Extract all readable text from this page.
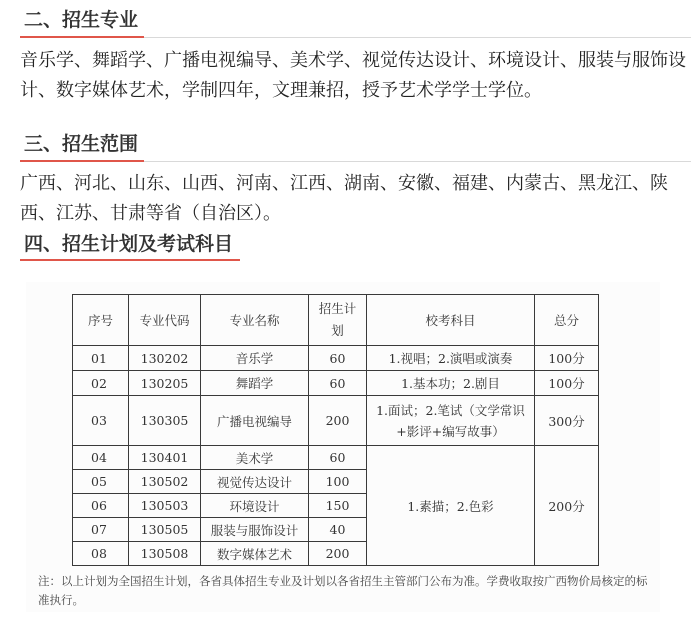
二、招生专业
音乐学、舞蹈学、广播电视编导、美术学、视觉传达设计、环境设计、服装与服饰设计、数字媒体艺术，学制四年，文理兼招，授予艺术学学士学位。
三、招生范围
广西、河北、山东、山西、河南、江西、湖南、安徽、福建、内蒙古、黑龙江、陕西、江苏、甘肃等省（自治区）。
四、招生计划及考试科目
序号	专业代码	专业名称	招生计划	校考科目	总分
01	130202	音乐学	60	1.视唱；2.演唱或演奏	100分
02	130205	舞蹈学	60	1.基本功；2.剧目	100分
03	130305	广播电视编导	200	1.面试；2.笔试（文学常识+影评+编写故事）	300分
04	130401	美术学	60	1.素描；2.色彩	200分
05	130502	视觉传达设计	100		
06	130503	环境设计	150		
07	130505	服装与服饰设计	40		
08	130508	数字媒体艺术	200		
注：以上计划为全国招生计划，各省具体招生专业及计划以各省招生主管部门公布为准。学费收取按广西物价局核定的标准执行。
